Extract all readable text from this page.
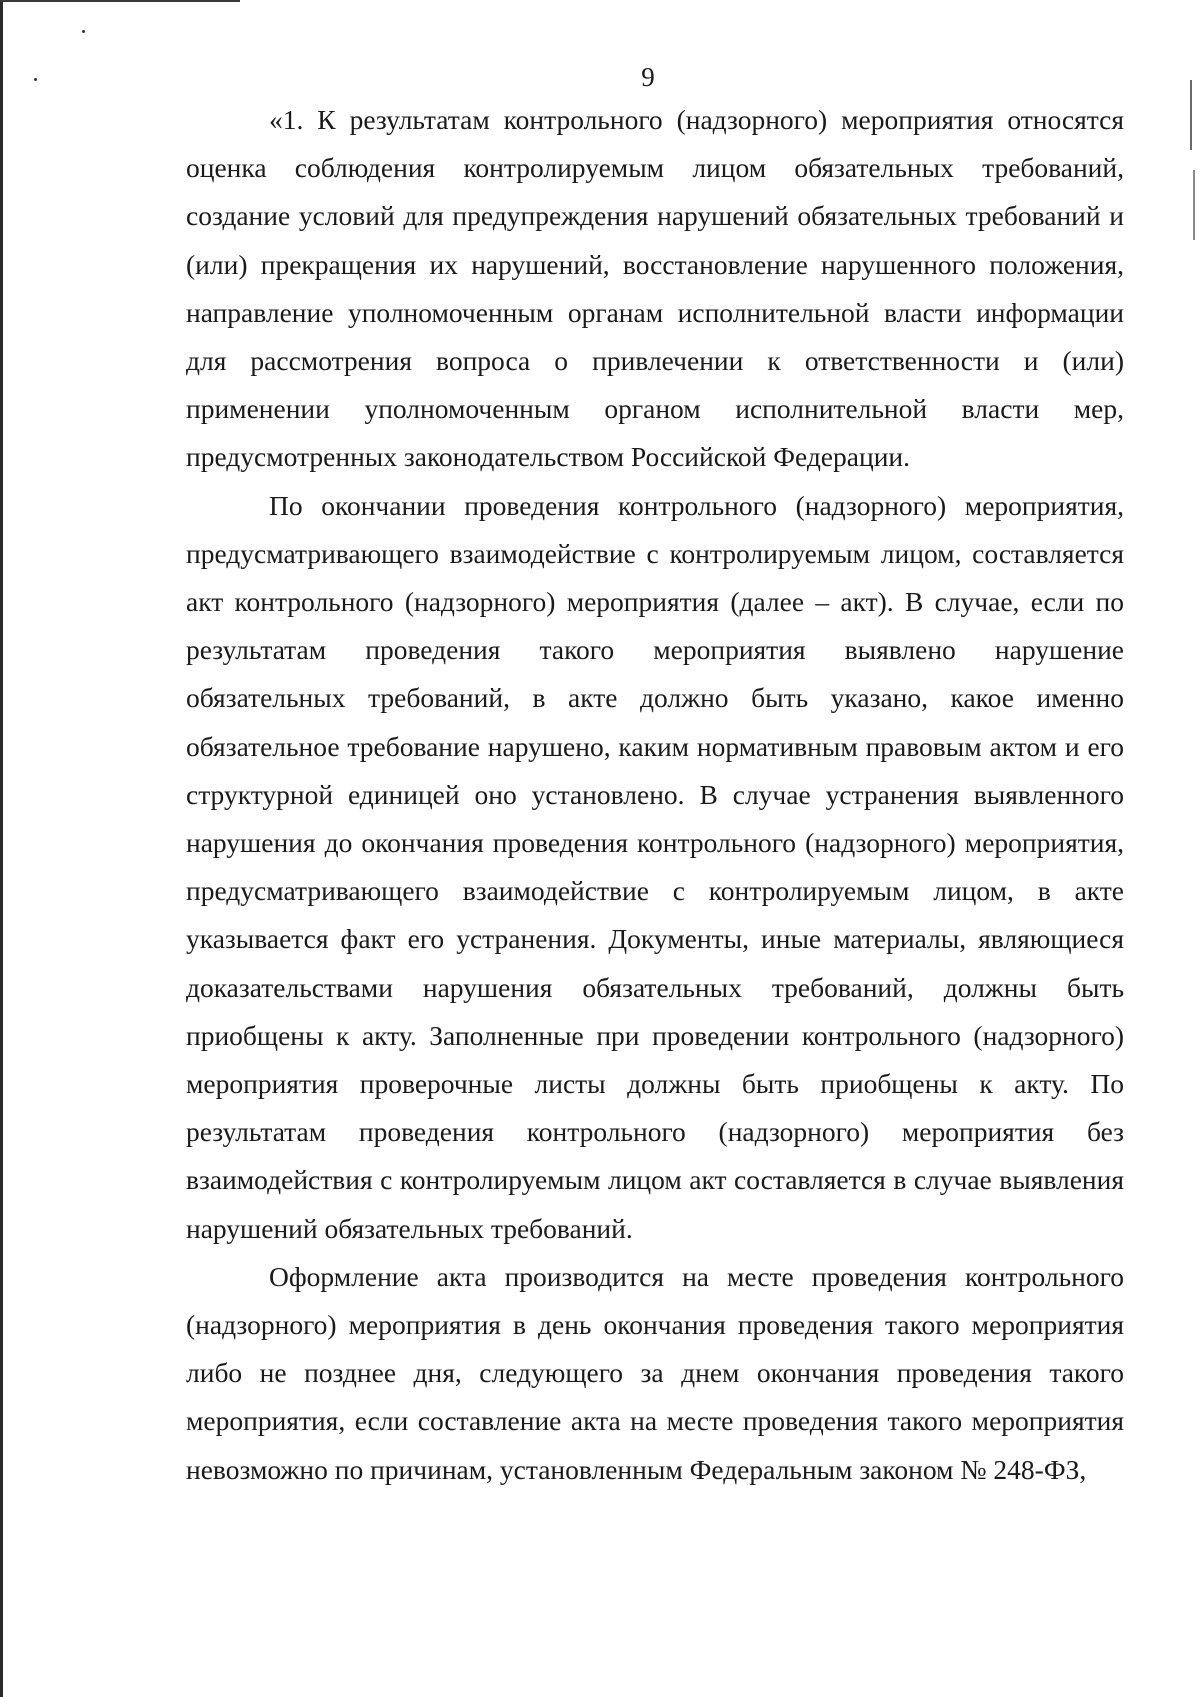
9

«1. К результатам контрольного (надзорного) мероприятия относятся оценка соблюдения контролируемым лицом обязательных требований, создание условий для предупреждения нарушений обязательных требований и (или) прекращения их нарушений, восстановление нарушенного положения, направление уполномоченным органам исполнительной власти информации для рассмотрения вопроса о привлечении к ответственности и (или) применении уполномоченным органом исполнительной власти мер, предусмотренных законодательством Российской Федерации.

По окончании проведения контрольного (надзорного) мероприятия, предусматривающего взаимодействие с контролируемым лицом, составляется акт контрольного (надзорного) мероприятия (далее – акт). В случае, если по результатам проведения такого мероприятия выявлено нарушение обязательных требований, в акте должно быть указано, какое именно обязательное требование нарушено, каким нормативным правовым актом и его структурной единицей оно установлено. В случае устранения выявленного нарушения до окончания проведения контрольного (надзорного) мероприятия, предусматривающего взаимодействие с контролируемым лицом, в акте указывается факт его устранения. Документы, иные материалы, являющиеся доказательствами нарушения обязательных требований, должны быть приобщены к акту. Заполненные при проведении контрольного (надзорного) мероприятия проверочные листы должны быть приобщены к акту. По результатам проведения контрольного (надзорного) мероприятия без взаимодействия с контролируемым лицом акт составляется в случае выявления нарушений обязательных требований.

Оформление акта производится на месте проведения контрольного (надзорного) мероприятия в день окончания проведения такого мероприятия либо не позднее дня, следующего за днем окончания проведения такого мероприятия, если составление акта на месте проведения такого мероприятия невозможно по причинам, установленным Федеральным законом № 248-ФЗ,
